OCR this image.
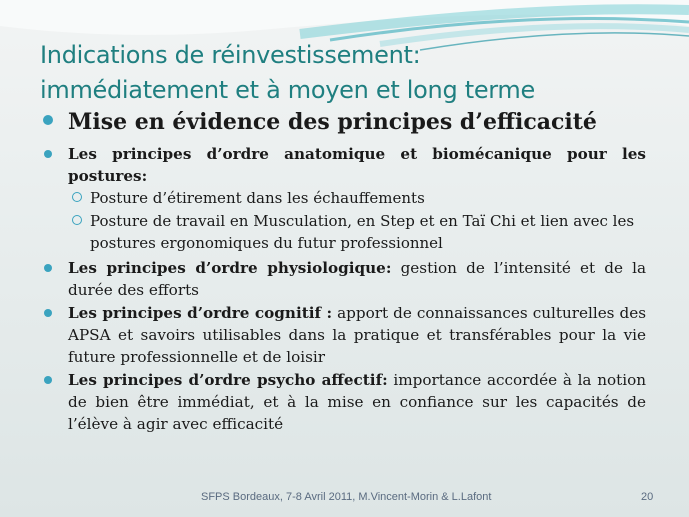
Indications de réinvestissement:
immédiatement et à moyen et long terme
Mise en évidence des principes d’efficacité
Les principes d’ordre anatomique et biomécanique pour les postures:
Posture d’étirement dans les échauffements
Posture de travail en Musculation, en Step et en Taï Chi et lien avec les postures ergonomiques du futur professionnel
Les principes d’ordre physiologique: gestion de l’intensité et de la durée des efforts
Les principes d’ordre cognitif : apport de connaissances culturelles des APSA et savoirs utilisables dans la pratique et transférables pour la vie future professionnelle et de loisir
Les principes d’ordre psycho affectif: importance accordée à la notion de bien être immédiat, et à la mise en confiance sur les capacités de l’élève à agir avec efficacité
SFPS Bordeaux, 7-8 Avril 2011, M.Vincent-Morin & L.Lafont	20
